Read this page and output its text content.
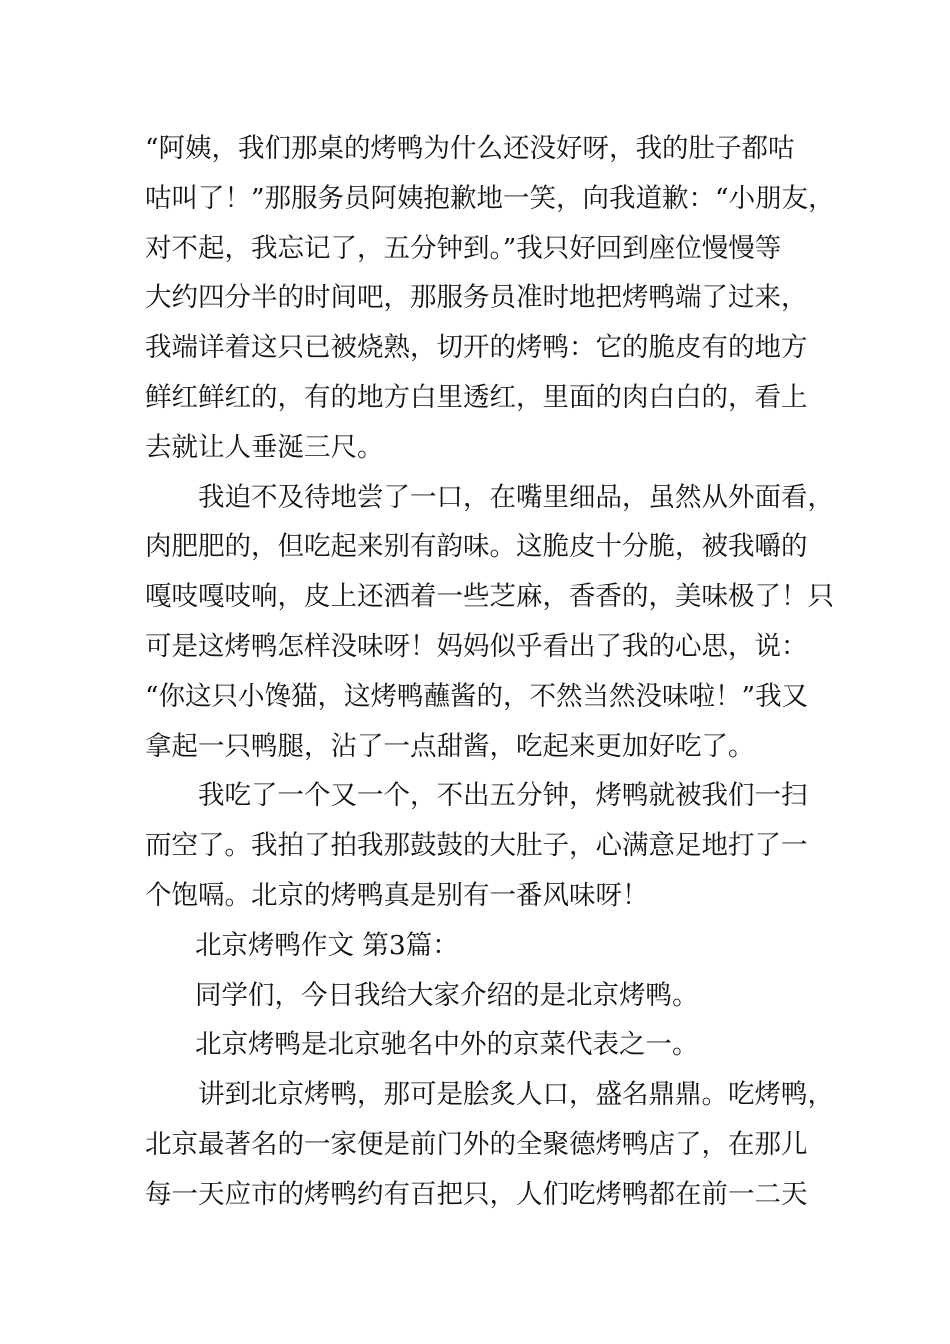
“阿姨，我们那桌的烤鸭为什么还没好呀，我的肚子都咕
咕叫了！”那服务员阿姨抱歉地一笑，向我道歉：“小朋友，
对不起，我忘记了，五分钟到。”我只好回到座位慢慢等
大约四分半的时间吧，那服务员准时地把烤鸭端了过来，
我端详着这只已被烧熟，切开的烤鸭：它的脆皮有的地方
鲜红鲜红的，有的地方白里透红，里面的肉白白的，看上
去就让人垂涎三尺。
我迫不及待地尝了一口，在嘴里细品，虽然从外面看，
肉肥肥的，但吃起来别有韵味。这脆皮十分脆，被我嚼的
嘎吱嘎吱响，皮上还洒着一些芝麻，香香的，美味极了！只
可是这烤鸭怎样没味呀！妈妈似乎看出了我的心思，说：
“你这只小馋猫，这烤鸭蘸酱的，不然当然没味啦！”我又
拿起一只鸭腿，沾了一点甜酱，吃起来更加好吃了。
我吃了一个又一个，不出五分钟，烤鸭就被我们一扫
而空了。我拍了拍我那鼓鼓的大肚子，心满意足地打了一
个饱嗝。北京的烤鸭真是别有一番风味呀！
北京烤鸭作文 第3篇：
同学们，今日我给大家介绍的是北京烤鸭。
北京烤鸭是北京驰名中外的京菜代表之一。
讲到北京烤鸭，那可是脍炙人口，盛名鼎鼎。吃烤鸭，
北京最著名的一家便是前门外的全聚德烤鸭店了，在那儿
每一天应市的烤鸭约有百把只，人们吃烤鸭都在前一二天
